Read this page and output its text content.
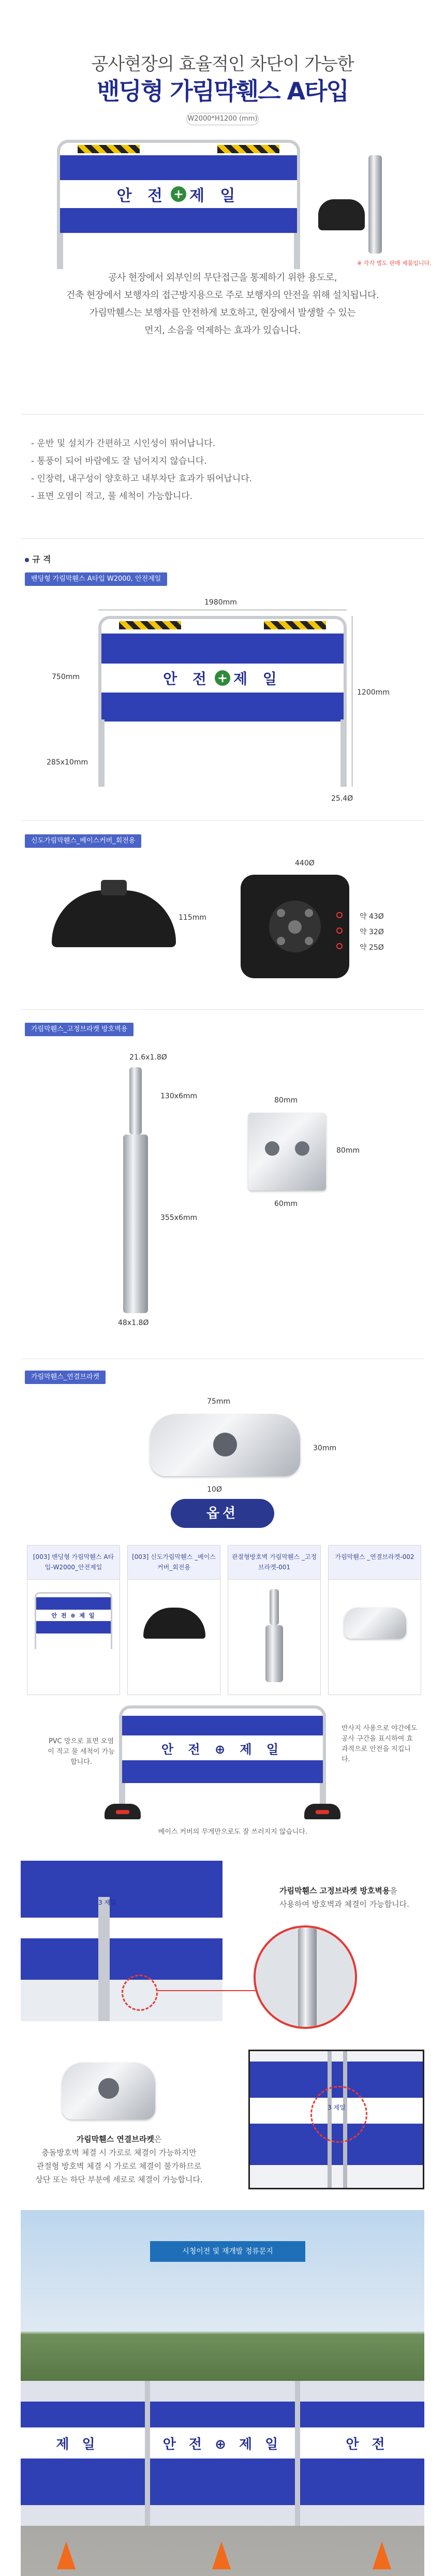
공사현장의 효율적인 차단이 가능한
밴딩형 가림막휀스 A타입
W2000*H1200 (mm)
안 전 + 제 일
※ 각각 별도 판매 제품입니다.
공사 현장에서 외부인의 무단접근을 통제하기 위한 용도로,
건축 현장에서 보행자의 접근방지용으로 주로 보행자의 안전을 위해 설치됩니다.
가림막휀스는 보행자를 안전하게 보호하고, 현장에서 발생할 수 있는
먼지, 소음을 억제하는 효과가 있습니다.
- 운반 및 설치가 간편하고 시인성이 뛰어납니다.
- 통풍이 되어 바람에도 잘 넘어지지 않습니다.
- 인장력, 내구성이 양호하고 내부차단 효과가 뛰어납니다.
- 표면 오염이 적고, 물 세척이 가능합니다.
규 격
밴딩형 가림막휀스 A타입 W2000, 안전제일
1980mm
안 전 + 제 일
1200mm
750mm
285x10mm
25.4Ø
신도가림막휀스_베이스커버_회전용
115mm
440Ø
약 43Ø
약 32Ø
약 25Ø
가림막휀스_고정브라켓 방호벽용
21.6x1.8Ø
130x6mm
355x6mm
48x1.8Ø
80mm
80mm
60mm
가림막휀스_연결브라켓
75mm
30mm
10Ø
옵션
[003] 밴딩형 가림막휀스 A타입-W2000_안전제일
안 전 ⊕ 제 일
[003] 신도가림막휀스 _베이스커버_회전용
관절형방호벽 가림막휀스 _고정브라켓-001
가림막휀스 _연결브라켓-002
안 전 ⊕ 제 일
PVC 망으로 표면 오염이 적고 물 세척이 가능합니다.
반사지 사용으로 야간에도 공사 구간을 표시하여 효과적으로 안전을 지킵니다.
베이스 커버의 무게만으로도 잘 쓰러지지 않습니다.
3 제일
가림막휀스 고정브라켓 방호벽용을
사용하여 방호벽과 체결이 가능합니다.
가림막휀스 연결브라켓은
충돌방호벽 체결 시 가로로 체결이 가능하지만
관절형 방호벽 체결 시 가로로 체결이 불가하므로
상단 또는 하단 부분에 세로로 체결이 가능합니다.
3 제일
시청이전 및 재개발 정류문지
제 일	안 전 ⊕ 제 일	안 전
